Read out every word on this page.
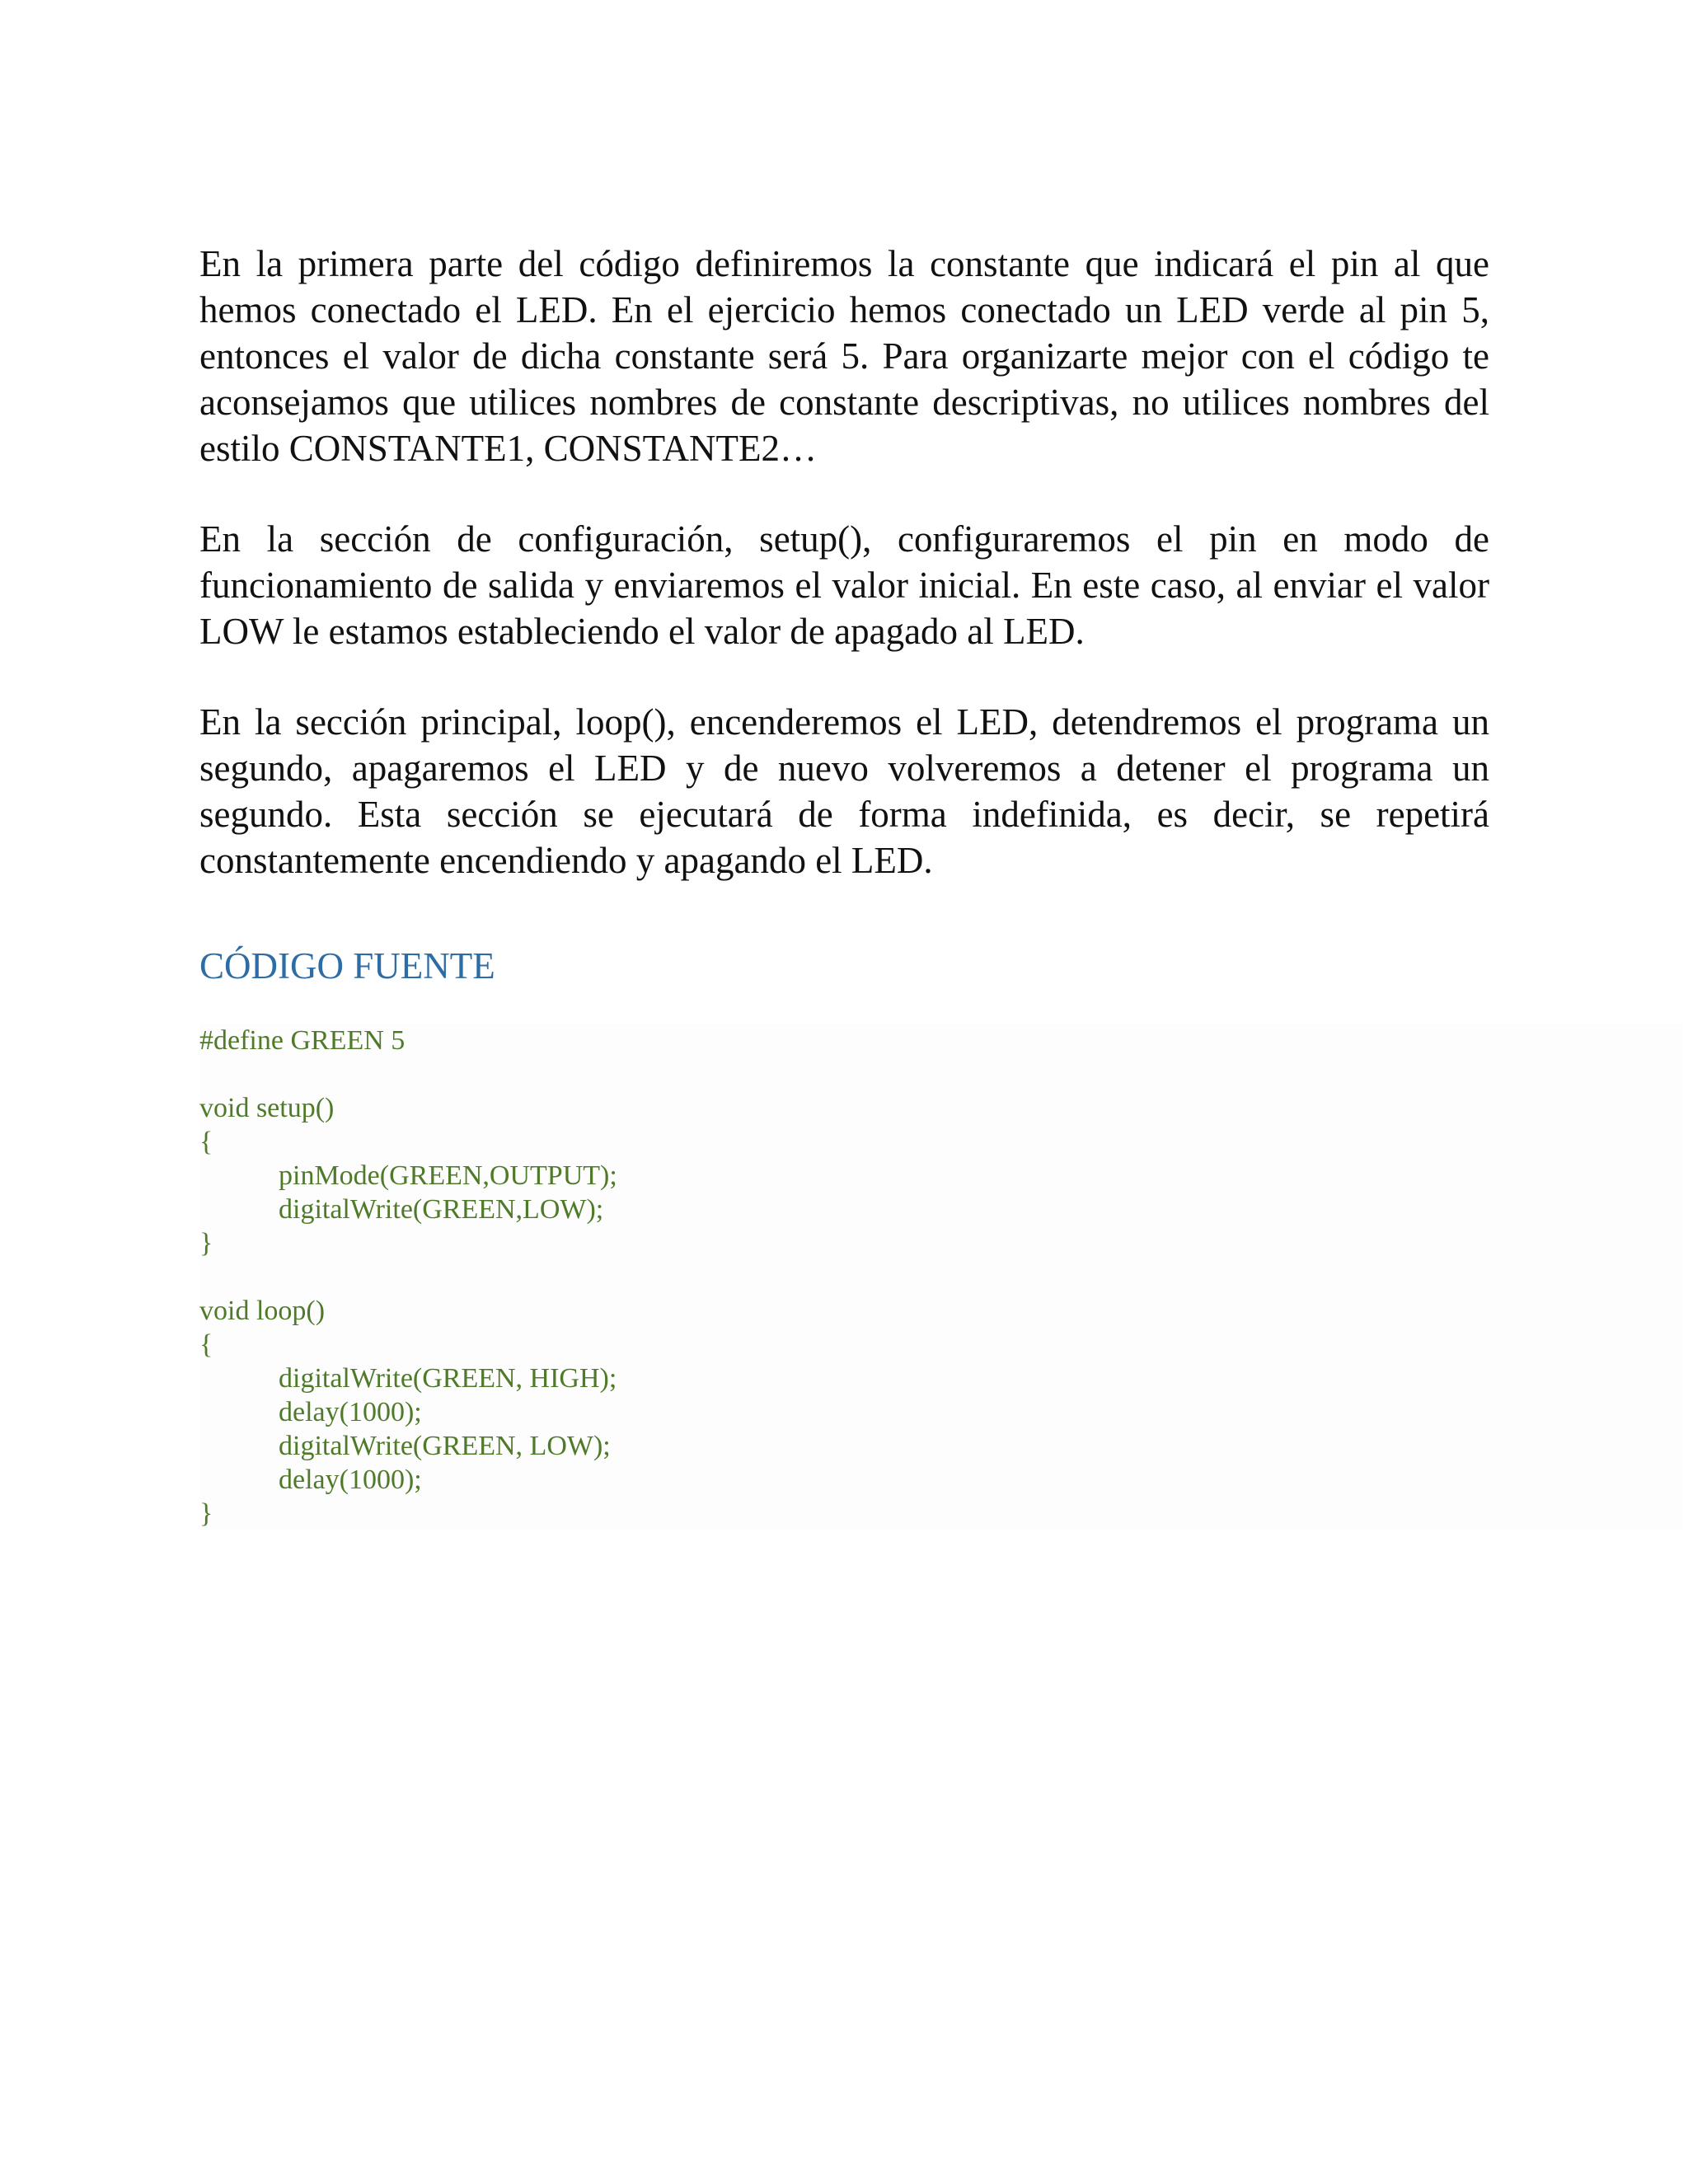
En la primera parte del código definiremos la constante que indicará el pin al que hemos conectado el LED. En el ejercicio hemos conectado un LED verde al pin 5, entonces el valor de dicha constante será 5. Para organizarte mejor con el código te aconsejamos que utilices nombres de constante descriptivas, no utilices nombres del estilo CONSTANTE1, CONSTANTE2…

En la sección de configuración, setup(), configuraremos el pin en modo de funcionamiento de salida y enviaremos el valor inicial. En este caso, al enviar el valor LOW le estamos estableciendo el valor de apagado al LED.

En la sección principal, loop(), encenderemos el LED, detendremos el programa un segundo, apagaremos el LED y de nuevo volveremos a detener el programa un segundo. Esta sección se ejecutará de forma indefinida, es decir, se repetirá constantemente encendiendo y apagando el LED.

CÓDIGO FUENTE
#define GREEN 5
void setup()
{
pinMode(GREEN,OUTPUT);
digitalWrite(GREEN,LOW);
}
void loop()
{
digitalWrite(GREEN, HIGH);
delay(1000);
digitalWrite(GREEN, LOW);
delay(1000);
}
